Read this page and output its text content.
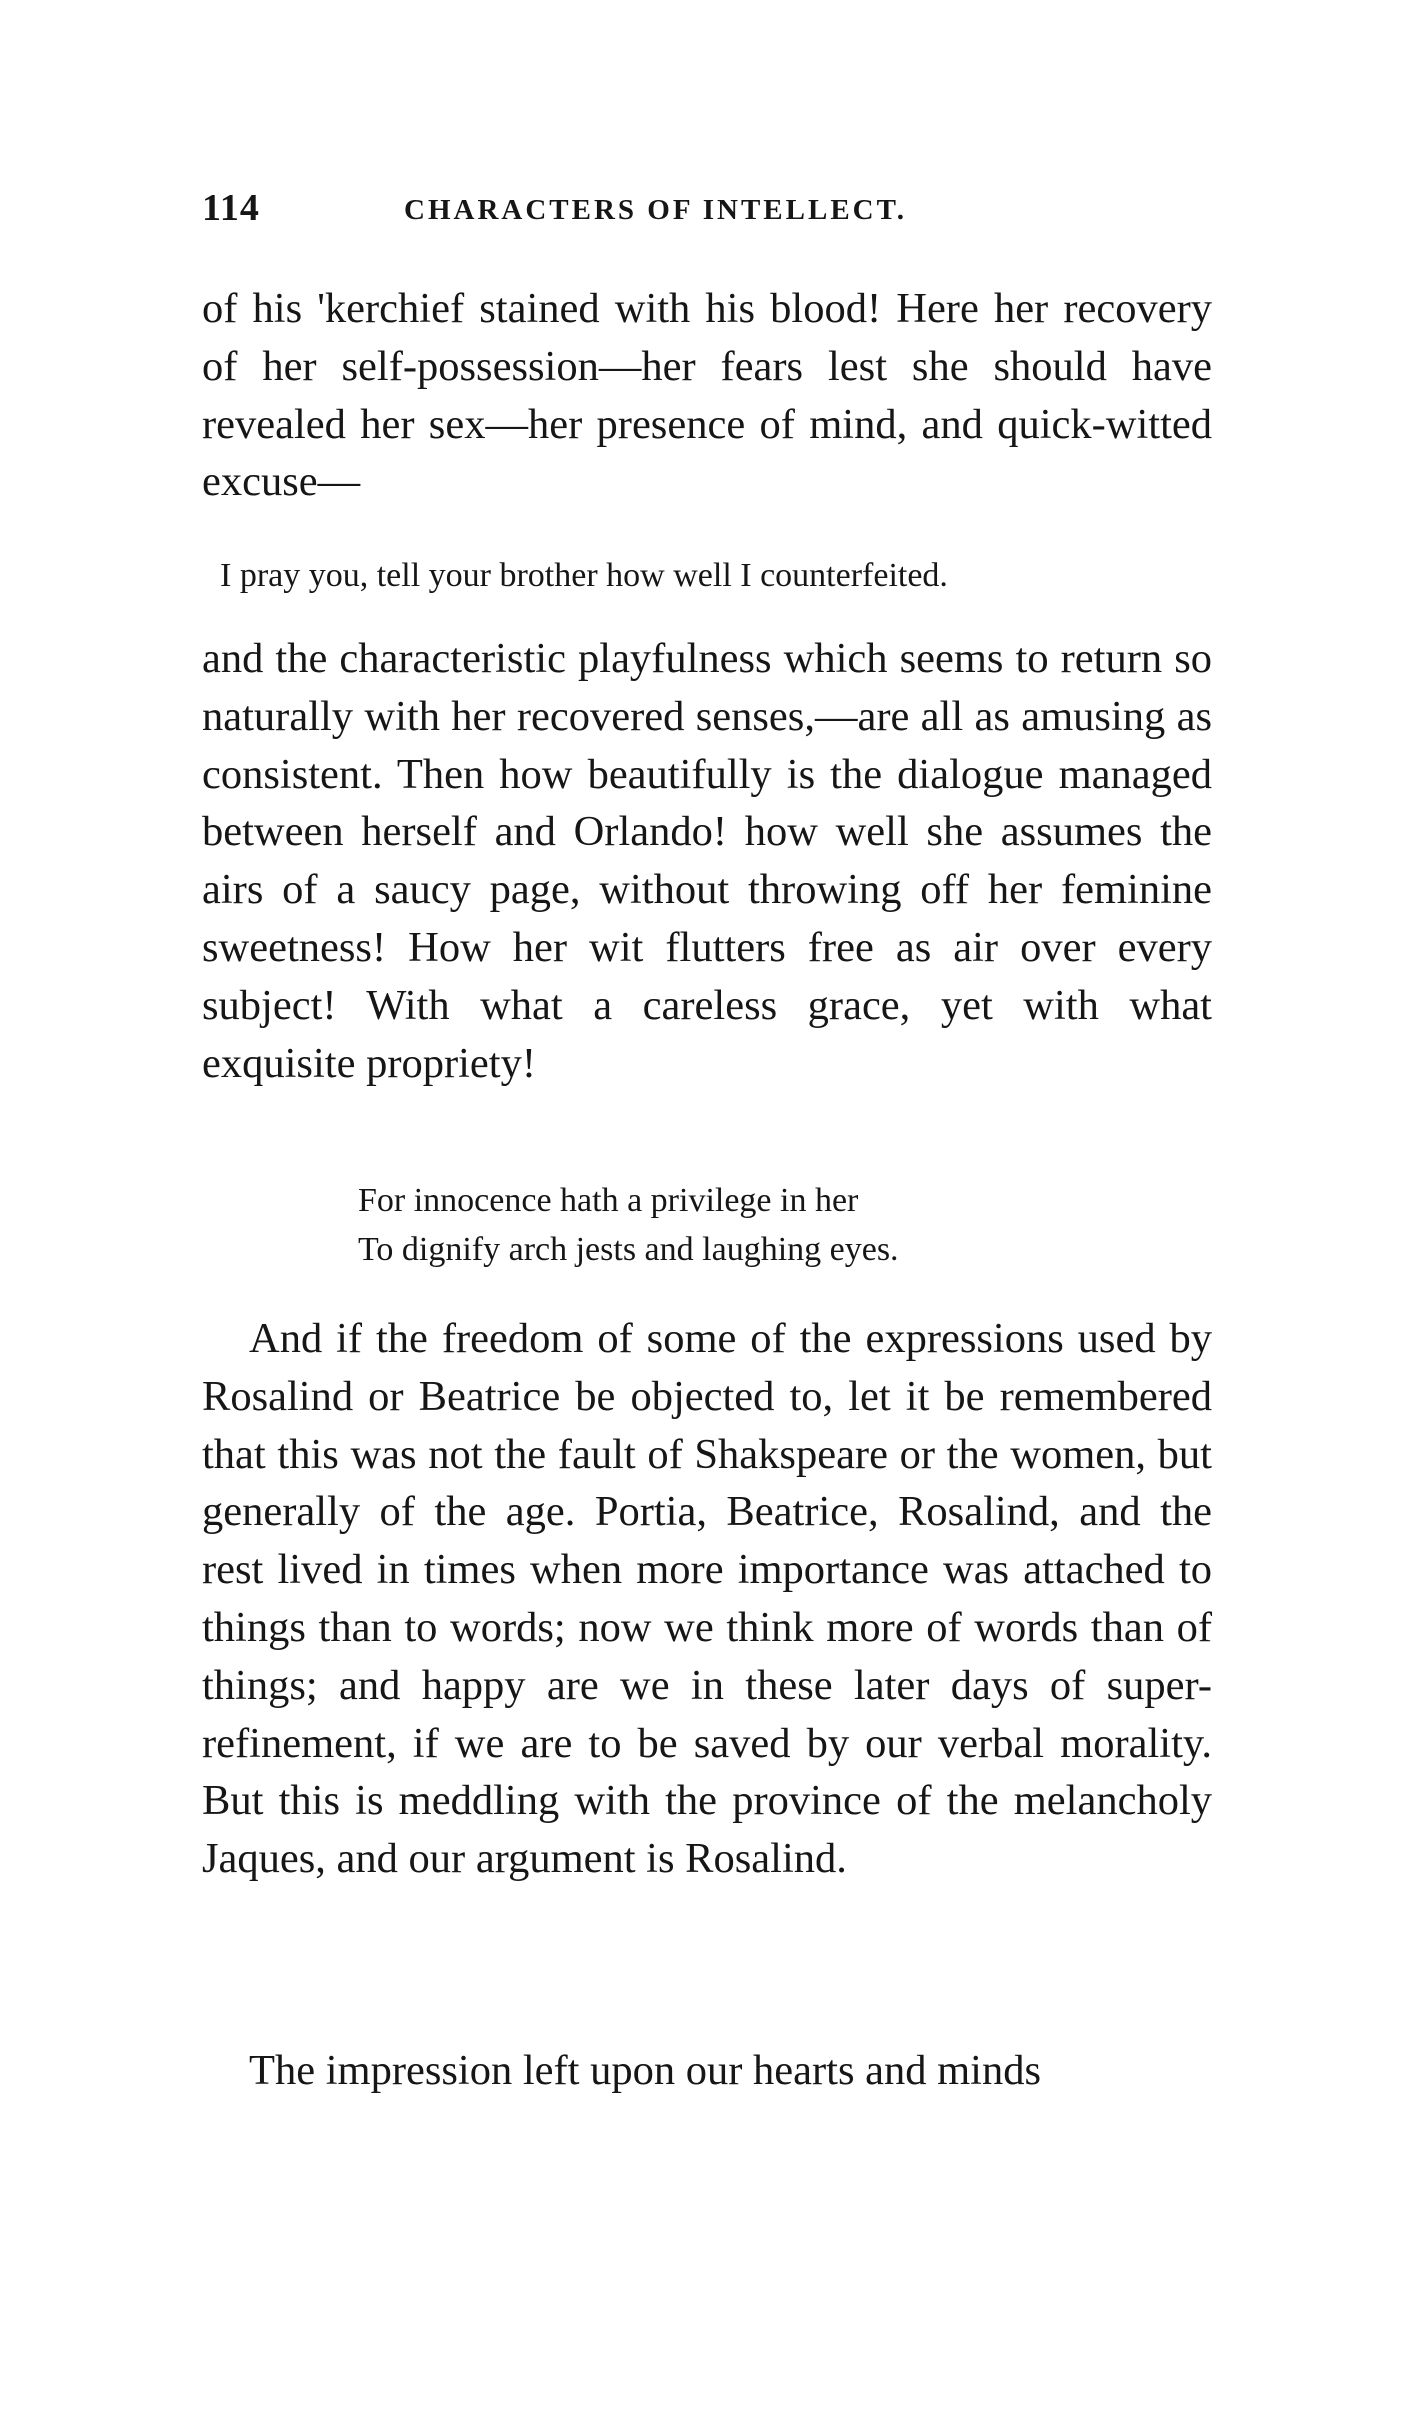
114	CHARACTERS OF INTELLECT.

of his 'kerchief stained with his blood! Here her recovery of her self-possession—her fears lest she should have revealed her sex—her presence of mind, and quick-witted excuse—

I pray you, tell your brother how well I counterfeited.

and the characteristic playfulness which seems to return so naturally with her recovered senses,—are all as amusing as consistent. Then how beautifully is the dialogue managed between herself and Orlando! how well she assumes the airs of a saucy page, without throwing off her feminine sweetness! How her wit flutters free as air over every subject! With what a careless grace, yet with what exquisite propriety!

For innocence hath a privilege in her
To dignify arch jests and laughing eyes.

And if the freedom of some of the expressions used by Rosalind or Beatrice be objected to, let it be remembered that this was not the fault of Shakspeare or the women, but generally of the age. Portia, Beatrice, Rosalind, and the rest lived in times when more importance was attached to things than to words; now we think more of words than of things; and happy are we in these later days of super-refinement, if we are to be saved by our verbal morality. But this is meddling with the province of the melancholy Jaques, and our argument is Rosalind.

The impression left upon our hearts and minds
